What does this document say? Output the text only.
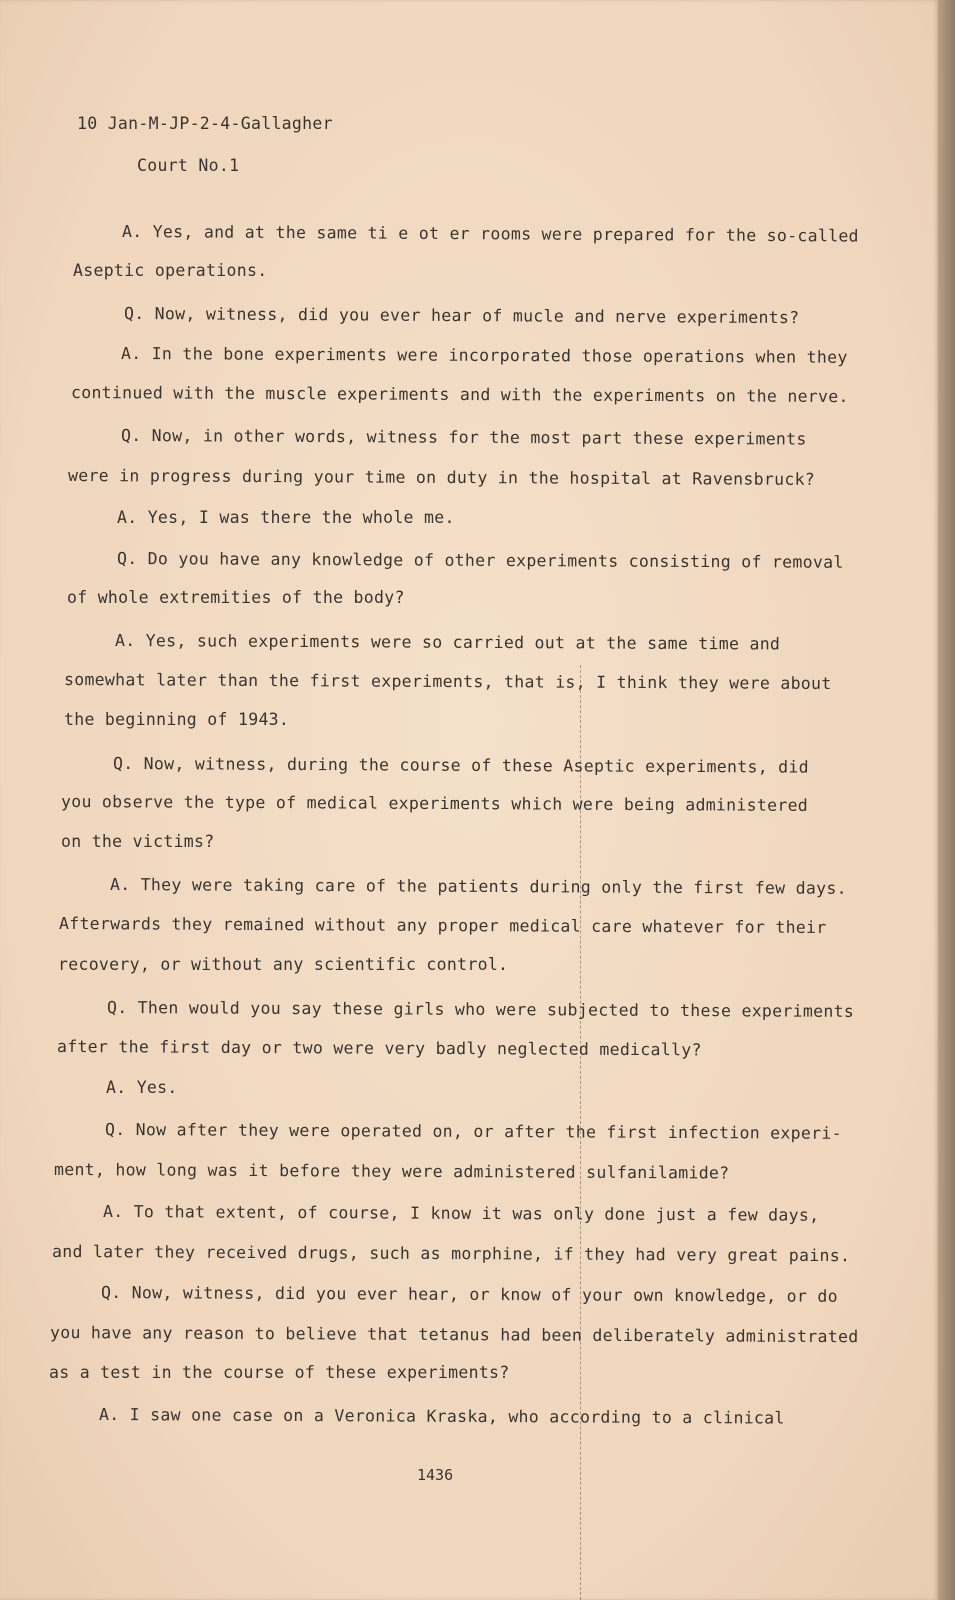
10 Jan-M-JP-2-4-Gallagher
Court No.1
A. Yes, and at the same ti e ot er rooms were prepared for the so-called
Aseptic operations.
Q. Now, witness, did you ever hear of mucle and nerve experiments?
A. In the bone experiments were incorporated those operations when they
continued with the muscle experiments and with the experiments on the nerve.
Q. Now, in other words, witness for the most part these experiments
were in progress during your time on duty in the hospital at Ravensbruck?
A. Yes, I was there the whole me.
Q. Do you have any knowledge of other experiments consisting of removal
of whole extremities of the body?
A. Yes, such experiments were so carried out at the same time and
somewhat later than the first experiments, that is, I think they were about
the beginning of 1943.
Q. Now, witness, during the course of these Aseptic experiments, did
you observe the type of medical experiments which were being administered
on the victims?
A. They were taking care of the patients during only the first few days.
Afterwards they remained without any proper medical care whatever for their
recovery, or without any scientific control.
Q. Then would you say these girls who were subjected to these experiments
after the first day or two were very badly neglected medically?
A. Yes.
Q. Now after they were operated on, or after the first infection experi-
ment, how long was it before they were administered sulfanilamide?
A. To that extent, of course, I know it was only done just a few days,
and later they received drugs, such as morphine, if they had very great pains.
Q. Now, witness, did you ever hear, or know of your own knowledge, or do
you have any reason to believe that tetanus had been deliberately administrated
as a test in the course of these experiments?
A. I saw one case on a Veronica Kraska, who according to a clinical
1436
